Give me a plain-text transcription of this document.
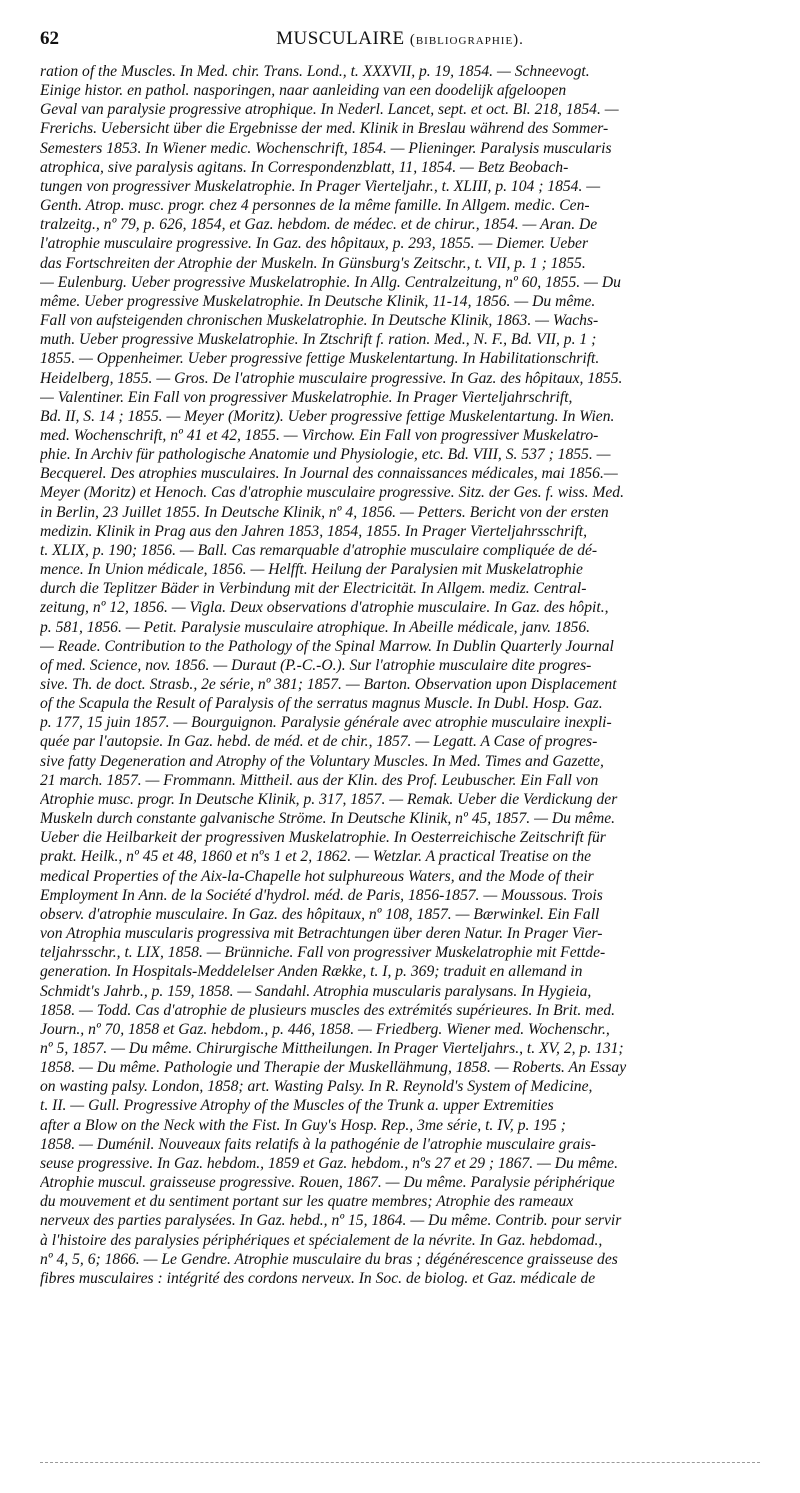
62	MUSCULAIRE (bibliographie).
ration of the Muscles. In Med. chir. Trans. Lond., t. XXXVII, p. 19, 1854. — Schneevogt.
Einige histor. en pathol. nasporingen, naar aanleiding van een doodelijk afgeloopen
Geval van paralysie progressive atrophique. In Nederl. Lancet, sept. et oct. Bl. 218, 1854. —
Frerichs. Uebersicht über die Ergebnisse der med. Klinik in Breslau während des Sommer-
Semesters 1853. In Wiener medic. Wochenschrift, 1854. — Plieninger. Paralysis muscularis
atrophica, sive paralysis agitans. In Correspondenzblatt, 11, 1854. — Betz Beobach-
tungen von progressiver Muskelatrophie. In Prager Vierteljahr., t. XLIII, p. 104 ; 1854. —
Genth. Atrop. musc. progr. chez 4 personnes de la même famille. In Allgem. medic. Cen-
tralzeitg., nº 79, p. 626, 1854, et Gaz. hebdom. de médec. et de chirur., 1854. — Aran. De
l'atrophie musculaire progressive. In Gaz. des hôpitaux, p. 293, 1855. — Diemer. Ueber
das Fortschreiten der Atrophie der Muskeln. In Günsburg's Zeitschr., t. VII, p. 1 ; 1855.
— Eulenburg. Ueber progressive Muskelatrophie. In Allg. Centralzeitung, nº 60, 1855. — Du
même. Ueber progressive Muskelatrophie. In Deutsche Klinik, 11-14, 1856. — Du même.
Fall von aufsteigenden chronischen Muskelatrophie. In Deutsche Klinik, 1863. — Wachs-
muth. Ueber progressive Muskelatrophie. In Ztschrift f. ration. Med., N. F., Bd. VII, p. 1 ;
1855. — Oppenheimer. Ueber progressive fettige Muskelentartung. In Habilitationschrift.
Heidelberg, 1855. — Gros. De l'atrophie musculaire progressive. In Gaz. des hôpitaux, 1855.
— Valentiner. Ein Fall von progressiver Muskelatrophie. In Prager Vierteljahrschrift,
Bd. II, S. 14 ; 1855. — Meyer (Moritz). Ueber progressive fettige Muskelentartung. In Wien.
med. Wochenschrift, nº 41 et 42, 1855. — Virchow. Ein Fall von progressiver Muskelatro-
phie. In Archiv für pathologische Anatomie und Physiologie, etc. Bd. VIII, S. 537 ; 1855. —
Becquerel. Des atrophies musculaires. In Journal des connaissances médicales, mai 1856.—
Meyer (Moritz) et Henoch. Cas d'atrophie musculaire progressive. Sitz. der Ges. f. wiss. Med.
in Berlin, 23 Juillet 1855. In Deutsche Klinik, nº 4, 1856. — Petters. Bericht von der ersten
medizin. Klinik in Prag aus den Jahren 1853, 1854, 1855. In Prager Vierteljahrsschrift,
t. XLIX, p. 190; 1856. — Ball. Cas remarquable d'atrophie musculaire compliquée de dé-
mence. In Union médicale, 1856. — Helfft. Heilung der Paralysien mit Muskelatrophie
durch die Teplitzer Bäder in Verbindung mit der Electricität. In Allgem. mediz. Central-
zeitung, nº 12, 1856. — Vigla. Deux observations d'atrophie musculaire. In Gaz. des hôpit.,
p. 581, 1856. — Petit. Paralysie musculaire atrophique. In Abeille médicale, janv. 1856.
— Reade. Contribution to the Pathology of the Spinal Marrow. In Dublin Quarterly Journal
of med. Science, nov. 1856. — Duraut (P.-C.-O.). Sur l'atrophie musculaire dite progres-
sive. Th. de doct. Strasb., 2e série, nº 381; 1857. — Barton. Observation upon Displacement
of the Scapula the Result of Paralysis of the serratus magnus Muscle. In Dubl. Hosp. Gaz.
p. 177, 15 juin 1857. — Bourguignon. Paralysie générale avec atrophie musculaire inexpli-
quée par l'autopsie. In Gaz. hebd. de méd. et de chir., 1857. — Legatt. A Case of progres-
sive fatty Degeneration and Atrophy of the Voluntary Muscles. In Med. Times and Gazette,
21 march. 1857. — Frommann. Mittheil. aus der Klin. des Prof. Leubuscher. Ein Fall von
Atrophie musc. progr. In Deutsche Klinik, p. 317, 1857. — Remak. Ueber die Verdickung der
Muskeln durch constante galvanische Ströme. In Deutsche Klinik, nº 45, 1857. — Du même.
Ueber die Heilbarkeit der progressiven Muskelatrophie. In Oesterreichische Zeitschrift für
prakt. Heilk., nº 45 et 48, 1860 et nºs 1 et 2, 1862. — Wetzlar. A practical Treatise on the
medical Properties of the Aix-la-Chapelle hot sulphureous Waters, and the Mode of their
Employment In Ann. de la Société d'hydrol. méd. de Paris, 1856-1857. — Moussous. Trois
observ. d'atrophie musculaire. In Gaz. des hôpitaux, nº 108, 1857. — Bærwinkel. Ein Fall
von Atrophia muscularis progressiva mit Betrachtungen über deren Natur. In Prager Vier-
teljahrsschr., t. LIX, 1858. — Brünniche. Fall von progressiver Muskelatrophie mit Fettde-
generation. In Hospitals-Meddelelser Anden Række, t. I, p. 369; traduit en allemand in
Schmidt's Jahrb., p. 159, 1858. — Sandahl. Atrophia muscularis paralysans. In Hygieia,
1858. — Todd. Cas d'atrophie de plusieurs muscles des extrémités supérieures. In Brit. med.
Journ., nº 70, 1858 et Gaz. hebdom., p. 446, 1858. — Friedberg. Wiener med. Wochenschr.,
nº 5, 1857. — Du même. Chirurgische Mittheilungen. In Prager Vierteljahrs., t. XV, 2, p. 131;
1858. — Du même. Pathologie und Therapie der Muskellähmung, 1858. — Roberts. An Essay
on wasting palsy. London, 1858; art. Wasting Palsy. In R. Reynold's System of Medicine,
t. II. — Gull. Progressive Atrophy of the Muscles of the Trunk a. upper Extremities
after a Blow on the Neck with the Fist. In Guy's Hosp. Rep., 3me série, t. IV, p. 195 ;
1858. — Duménil. Nouveaux faits relatifs à la pathogénie de l'atrophie musculaire grais-
seuse progressive. In Gaz. hebdom., 1859 et Gaz. hebdom., nºs 27 et 29 ; 1867. — Du même.
Atrophie muscul. graisseuse progressive. Rouen, 1867. — Du même. Paralysie périphérique
du mouvement et du sentiment portant sur les quatre membres; Atrophie des rameaux
nerveux des parties paralysées. In Gaz. hebd., nº 15, 1864. — Du même. Contrib. pour servir
à l'histoire des paralysies périphériques et spécialement de la névrite. In Gaz. hebdomad.,
nº 4, 5, 6; 1866. — Le Gendre. Atrophie musculaire du bras ; dégénérescence graisseuse des
fibres musculaires : intégrité des cordons nerveux. In Soc. de biolog. et Gaz. médicale de
